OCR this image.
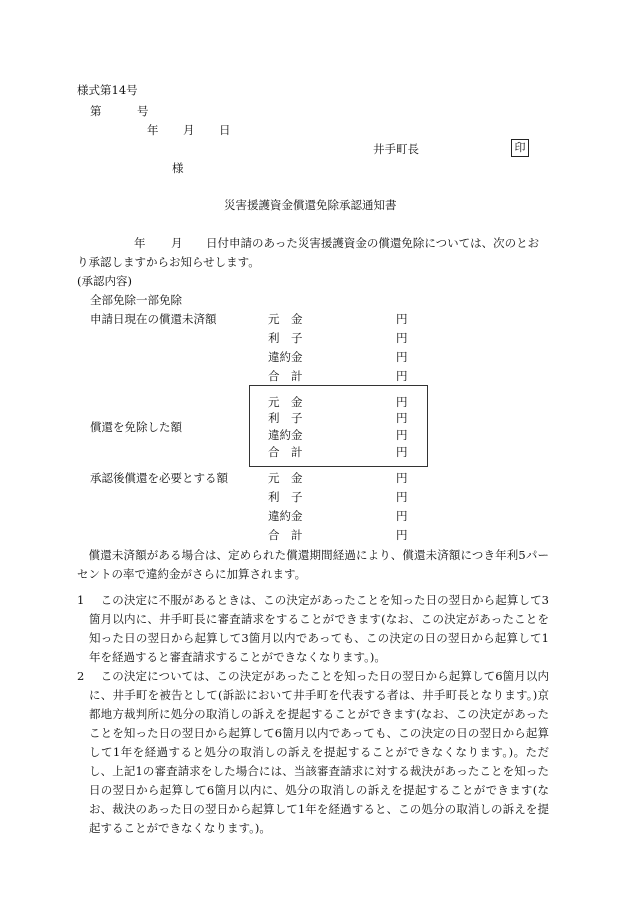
様式第14号
第	号
年 月 日
井手町長	印
様
災害援護資金償還免除承認通知書
年 月 日付申請のあった災害援護資金の償還免除については、次のとお
り承認しますからお知らせします。
(承認内容)
全部免除一部免除
申請日現在の償還未済額	元　金	円
利　子	円
違約金	円
合　計	円
償還を免除した額
元　金	円
利　子	円
違約金	円
合　計	円
承認後償還を必要とする額	元　金	円
利　子	円
違約金	円
合　計	円
　償還未済額がある場合は、定められた償還期間経過により、償還未済額につき年利5パーセントの率で違約金がさらに加算されます。
1 　この決定に不服があるときは、この決定があったことを知った日の翌日から起算して3箇月以内に、井手町長に審査請求をすることができます(なお、この決定があったことを知った日の翌日から起算して3箇月以内であっても、この決定の日の翌日から起算して1年を経過すると審査請求することができなくなります。)。
2 　この決定については、この決定があったことを知った日の翌日から起算して6箇月以内に、井手町を被告として(訴訟において井手町を代表する者は、井手町長となります。)京都地方裁判所に処分の取消しの訴えを提起することができます(なお、この決定があったことを知った日の翌日から起算して6箇月以内であっても、この決定の日の翌日から起算して1年を経過すると処分の取消しの訴えを提起することができなくなります。)。ただし、上記1の審査請求をした場合には、当該審査請求に対する裁決があったことを知った日の翌日から起算して6箇月以内に、処分の取消しの訴えを提起することができます(なお、裁決のあった日の翌日から起算して1年を経過すると、この処分の取消しの訴えを提起することができなくなります。)。
